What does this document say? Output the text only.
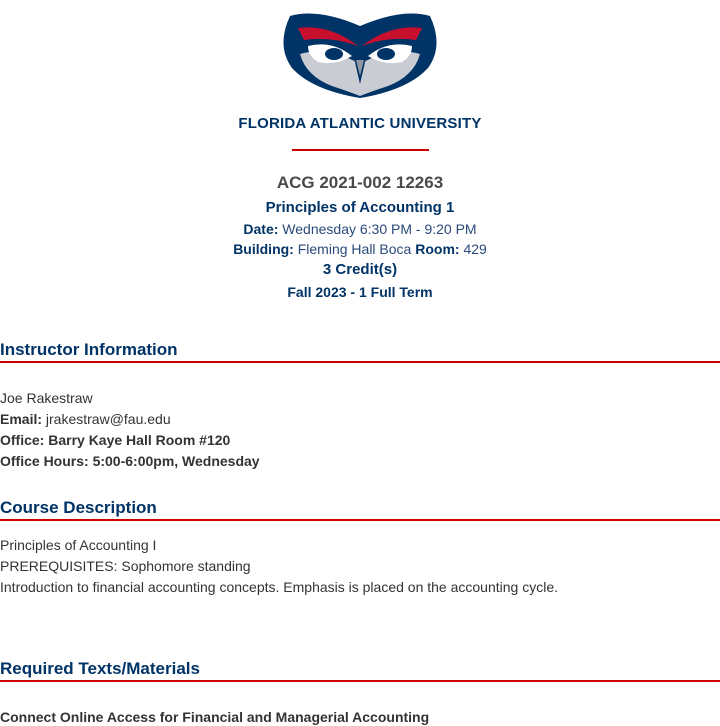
FLORIDA ATLANTIC UNIVERSITY
ACG 2021-002 12263
Principles of Accounting 1
Date: Wednesday 6:30 PM - 9:20 PM
Building: Fleming Hall Boca Room: 429
3 Credit(s)
Fall 2023 - 1 Full Term
Instructor Information
Joe Rakestraw
Email: jrakestraw@fau.edu
Office: Barry Kaye Hall Room #120
Office Hours: 5:00-6:00pm, Wednesday
Course Description
Principles of Accounting I
PREREQUISITES: Sophomore standing
Introduction to financial accounting concepts. Emphasis is placed on the accounting cycle.
Required Texts/Materials
Connect Online Access for Financial and Managerial Accounting
